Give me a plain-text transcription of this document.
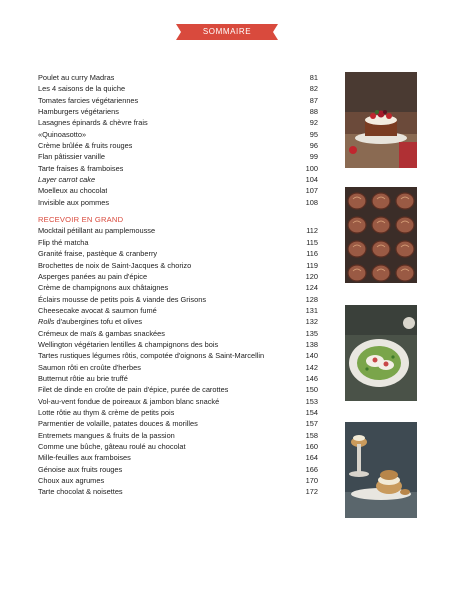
SOMMAIRE
Poulet au curry Madras	81
Les 4 saisons de la quiche	82
Tomates farcies végétariennes	87
Hamburgers végétariens	88
Lasagnes épinards & chèvre frais	92
«Quinoasotto»	95
Crème brûlée & fruits rouges	96
Flan pâtissier vanille	99
Tarte fraises & framboises	100
Layer carrot cake	104
Moelleux au chocolat	107
Invisible aux pommes	108
RECEVOIR EN GRAND
Mocktail pétillant au pamplemousse	112
Flip thé matcha	115
Granité fraise, pastèque & cranberry	116
Brochettes de noix de Saint-Jacques & chorizo	119
Asperges panées au pain d'épice	120
Crème de champignons aux châtaignes	124
Éclairs mousse de petits pois & viande des Grisons	128
Cheesecake avocat & saumon fumé	131
Rolls d'aubergines tofu et olives	132
Crémeux de maïs & gambas snackées	135
Wellington végétarien lentilles & champignons des bois	138
Tartes rustiques légumes rôtis, compotée d'oignons & Saint-Marcellin	140
Saumon rôti en croûte d'herbes	142
Butternut rôtie au brie truffé	146
Filet de dinde en croûte de pain d'épice, purée de carottes	150
Vol-au-vent fondue de poireaux & jambon blanc snacké	153
Lotte rôtie au thym & crème de petits pois	154
Parmentier de volaille, patates douces & morilles	157
Entremets mangues & fruits de la passion	158
Comme une bûche, gâteau roulé au chocolat	160
Mille-feuilles aux framboises	164
Génoise aux fruits rouges	166
Choux aux agrumes	170
Tarte chocolat & noisettes	172
